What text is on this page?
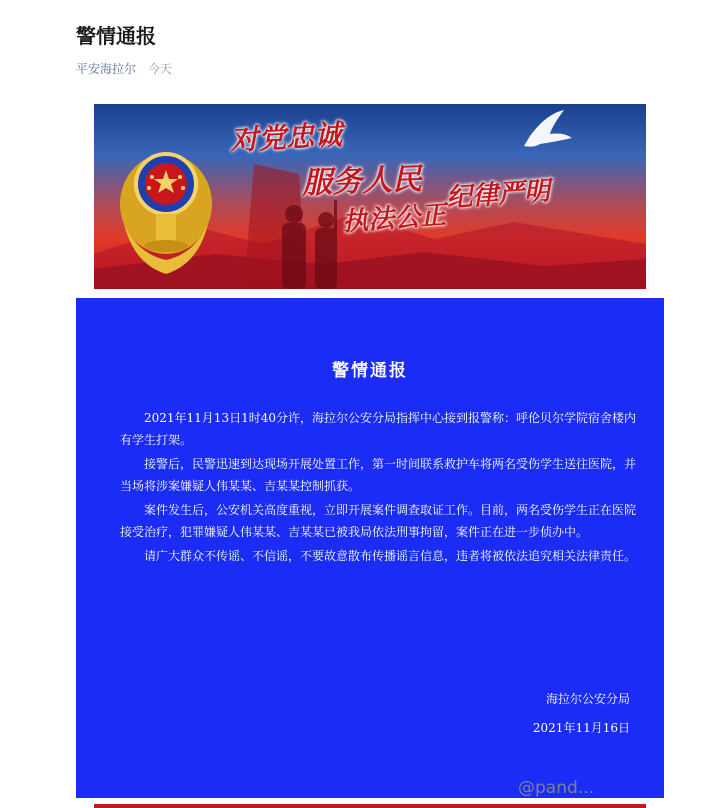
警情通报
平安海拉尔 今天
对党忠诚
服务人民 纪律严明
执法公正
警情通报

2021年11月13日1时40分许，海拉尔公安分局指挥中心接到报警称：呼伦贝尔学院宿舍楼内有学生打架。

接警后，民警迅速到达现场开展处置工作，第一时间联系救护车将两名受伤学生送往医院，并当场将涉案嫌疑人伟某某、吉某某控制抓获。

案件发生后，公安机关高度重视，立即开展案件调查取证工作。目前，两名受伤学生正在医院接受治疗，犯罪嫌疑人伟某某、吉某某已被我局依法刑事拘留，案件正在进一步侦办中。

请广大群众不传谣、不信谣，不要故意散布传播谣言信息，违者将被依法追究相关法律责任。

海拉尔公安分局
2021年11月16日
@pand...
